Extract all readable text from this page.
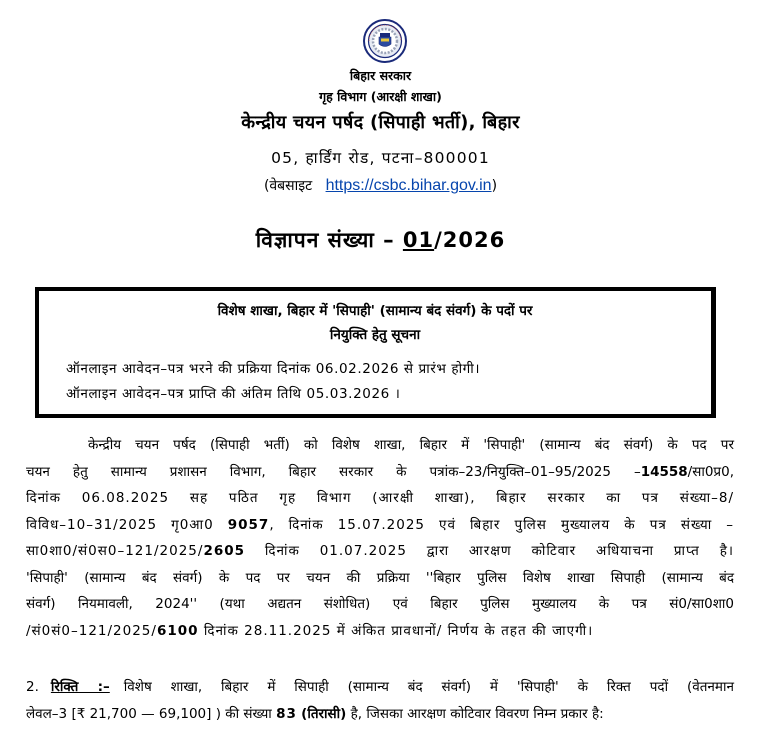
बिहार सरकार
गृह विभाग (आरक्षी शाखा)
केन्द्रीय चयन पर्षद (सिपाही भर्ती), बिहार
05, हार्डिंग रोड, पटना–800001
(वेबसाइट https://csbc.bihar.gov.in)
विज्ञापन संख्या – 01/2026
विशेष शाखा, बिहार में 'सिपाही' (सामान्य बंद संवर्ग) के पदों पर
नियुक्ति हेतु सूचना
ऑनलाइन आवेदन–पत्र भरने की प्रक्रिया दिनांक 06.02.2026 से प्रारंभ होगी।
ऑनलाइन आवेदन–पत्र प्राप्ति की अंतिम तिथि 05.03.2026 ।
केन्द्रीय चयन पर्षद (सिपाही भर्ती) को विशेष शाखा, बिहार में 'सिपाही' (सामान्य बंद संवर्ग) के पद पर
चयन हेतु सामान्य प्रशासन विभाग, बिहार सरकार के पत्रांक–23/नियुक्ति–01–95/2025 –14558/सा0प्र0,
दिनांक 06.08.2025 सह पठित गृह विभाग (आरक्षी शाखा), बिहार सरकार का पत्र संख्या–8/
विविध–10–31/2025 गृ0आ0 9057, दिनांक 15.07.2025 एवं बिहार पुलिस मुख्यालय के पत्र संख्या –
सा0शा0/सं0स0–121/2025/2605 दिनांक 01.07.2025 द्वारा आरक्षण कोटिवार अधियाचना प्राप्त है।
'सिपाही' (सामान्य बंद संवर्ग) के पद पर चयन की प्रक्रिया ''बिहार पुलिस विशेष शाखा सिपाही (सामान्य बंद
संवर्ग) नियमावली, 2024'' (यथा अद्यतन संशोधित) एवं बिहार पुलिस मुख्यालय के पत्र सं0/सा0शा0
/सं0सं0–121/2025/6100 दिनांक 28.11.2025 में अंकित प्रावधानों/ निर्णय के तहत की जाएगी।
2. रिक्ति :– विशेष शाखा, बिहार में सिपाही (सामान्य बंद संवर्ग) में 'सिपाही' के रिक्त पदों (वेतनमान
लेवल–3 [₹ 21,700 — 69,100] ) की संख्या 83 (तिरासी) है, जिसका आरक्षण कोटिवार विवरण निम्न प्रकार है:
